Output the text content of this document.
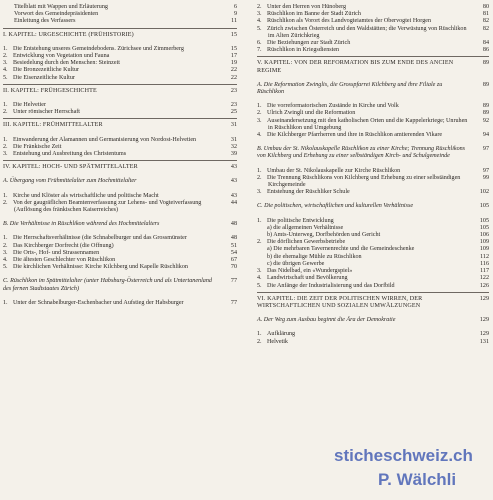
Titelblatt mit Wappen und Erläuterung	6
Vorwort des Gemeindepräsidenten	9
Einleitung des Verfassers	11
I. KAPITEL: URGESCHICHTE (FRÜHISTORIE)	15
1. Die Entstehung unseres Gemeindebodens. Zürichsee und Zimmerberg	15
2. Entwicklung von Vegetation und Fauna	17
3. Besiedelung durch den Menschen: Steinzeit	19
4. Die Bronzezeitliche Kultur	22
5. Die Eisenzeitliche Kultur	22
II. KAPITEL: FRÜHGESCHICHTE	23
1. Die Helvetier	23
2. Unter römischer Herrschaft	25
III. KAPITEL: FRÜHMITTELALTER	31
1. Einwanderung der Alamannen und Germanisierung von Nordost-Helvetien	31
2. Die Fränkische Zeit	32
3. Entstehung und Ausbreitung des Christentums	39
IV. KAPITEL: HOCH- UND SPÄTMITTELALTER	43
A. Übergang vom Frühmittelalter zum Hochmittelalter	43
1. Kirche und Klöster als wirtschaftliche und politische Macht	43
2. Von der gaugräflichen Beamtenverfassung zur Lehens- und Vogteiverfassung (Auflösung des fränkischen Kaiserreiches)
44
B. Die Verhältnisse in Rüschlikon während des Hochmittelalters	48
1. Die Herrschaftsverhältnisse (die Schnabelburger und das Grossmünster	48
2. Das Kirchberger Dorfrecht (die Offnung)	51
3. Die Orts-, Hof- und Strassennamen	54
4. Die ältesten Geschlechter von Rüschlikon	67
5. Die kirchlichen Verhältnisse: Kirche Kilchberg und Kapelle Rüschlikon	70
C. Rüschlikon im Spätmittelalter (unter Habsburg-Österreich und als Untertanenland des fernen Stadtstaates Zürich)
77
1. Unter der Schnabelburger-Eschenbacher und Aufstieg der Habsburger	77
2. Unter den Herren von Hünoberg	80
3. Rüschlikon im Banne der Stadt Zürich	81
4. Rüschlikon als Vorort des Landvogteiamtes der Obervogtei Horgen	82
5. Zürich zwischen Österreich und den Waldstätten; die Verwüstung von Rüschlikon im Alten Zürichkrieg
82
6. Die Beziehungen zur Stadt Zürich	84
7. Rüschlikon in Kriegsdiensten	86
V. KAPITEL: VON DER REFORMATION BIS ZUM ENDE DES ANCIEN REGIME
89
A. Die Reformation Zwinglis, die Grosspfarrei Kilchberg und ihre Filiale zu Rüschlikon
89
1. Die vorreformatorischen Zustände in Kirche und Volk	89
2. Ulrich Zwingli und die Reformation	89
3. Auseinandersetzung mit den katholischen Orten und die Kappelerkriege; Unruhen in Rüschlikon und Umgebung
92
4. Die Kilchberger Pfarrherren und ihre in Rüschlikon amtierenden Vikare	94
B. Umbau der St. Nikolauskapelle Rüschlikon zu einer Kirche; Trennung Rüschlikons von Kilchberg und Erhebung zu einer selbständigen Kirch- und Schulgemeinde
97
1. Umbau der St. Nikolauskapelle zur Kirche Rüschlikon	97
2. Die Trennung Rüschlikons von Kilchberg und Erhebung zu einer selbständigen Kirchgemeinde
99
3. Entstehung der Rüschliker Schule	102
C. Die politischen, wirtschaftlichen und kulturellen Verhältnisse	105
1. Die politische Entwicklung	105
a) die allgemeinen Verhältnisse	105
b) Amts-Unterweg, Dorfbehörden und Gericht	106
2. Die dörflichen Gewerbsbetriebe	109
a) Die mehrbaren Tavernenrechte und die Gemeindeschenke	109
b) die ehemalige Mühle zu Rüschlikon	112
c) die übrigen Gewerbe	116
3. Das Nidelbad, ein «Wundergspiel»	117
4. Landwirtschaft und Bevölkerung	122
5. Die Anfänge der Industrialisierung und das Dorfbild	126
VI. KAPITEL: DIE ZEIT DER POLITISCHEN WIRREN, DER WIRTSCHAFTLICHEN UND SOZIALEN UMWÄLZUNGEN
129
A. Der Weg zum Ausbau beginnt die Ära der Demokratie	129
1. Aufklärung	129
2. Helvetik	131
sticheschweiz.ch
P. Wälchli
